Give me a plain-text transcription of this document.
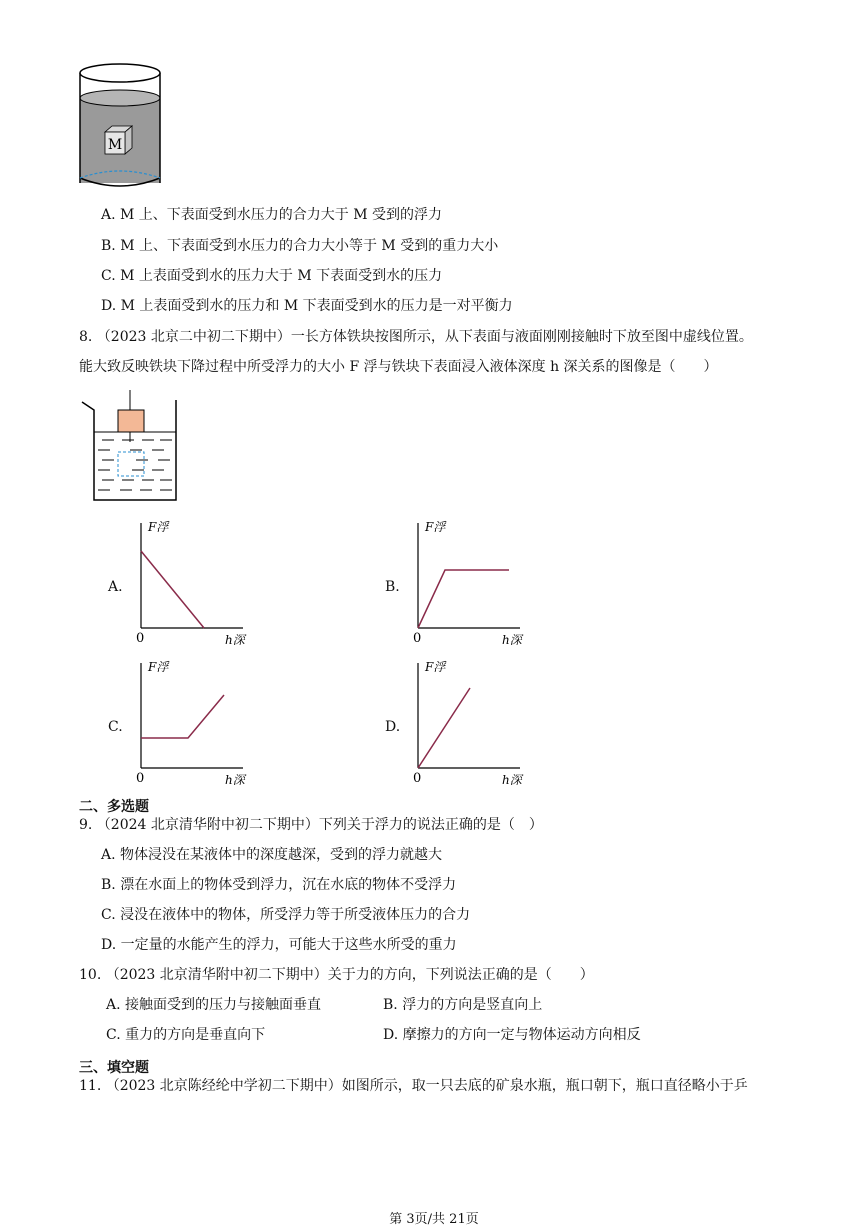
M
A. M 上、下表面受到水压力的合力大于 M 受到的浮力
B. M 上、下表面受到水压力的合力大小等于 M 受到的重力大小
C. M 上表面受到水的压力大于 M 下表面受到水的压力
D. M 上表面受到水的压力和 M 下表面受到水的压力是一对平衡力
8. （2023 北京二中初二下期中）一长方体铁块按图所示，从下表面与液面刚刚接触时下放至图中虚线位置。
能大致反映铁块下降过程中所受浮力的大小 F 浮与铁块下表面浸入液体深度 h 深关系的图像是（　　）
A.
0
F浮
h深
B.
0
F浮
h深
C.
0
F浮
h深
D.
0
F浮
h深
二、多选题
9. （2024 北京清华附中初二下期中）下列关于浮力的说法正确的是（　）
A. 物体浸没在某液体中的深度越深，受到的浮力就越大
B. 漂在水面上的物体受到浮力，沉在水底的物体不受浮力
C. 浸没在液体中的物体，所受浮力等于所受液体压力的合力
D. 一定量的水能产生的浮力，可能大于这些水所受的重力
10. （2023 北京清华附中初二下期中）关于力的方向，下列说法正确的是（　　）
A. 接触面受到的压力与接触面垂直	B. 浮力的方向是竖直向上
C. 重力的方向是垂直向下	D. 摩擦力的方向一定与物体运动方向相反
三、填空题
11. （2023 北京陈经纶中学初二下期中）如图所示，取一只去底的矿泉水瓶，瓶口朝下，瓶口直径略小于乒
第 3页/共 21页
